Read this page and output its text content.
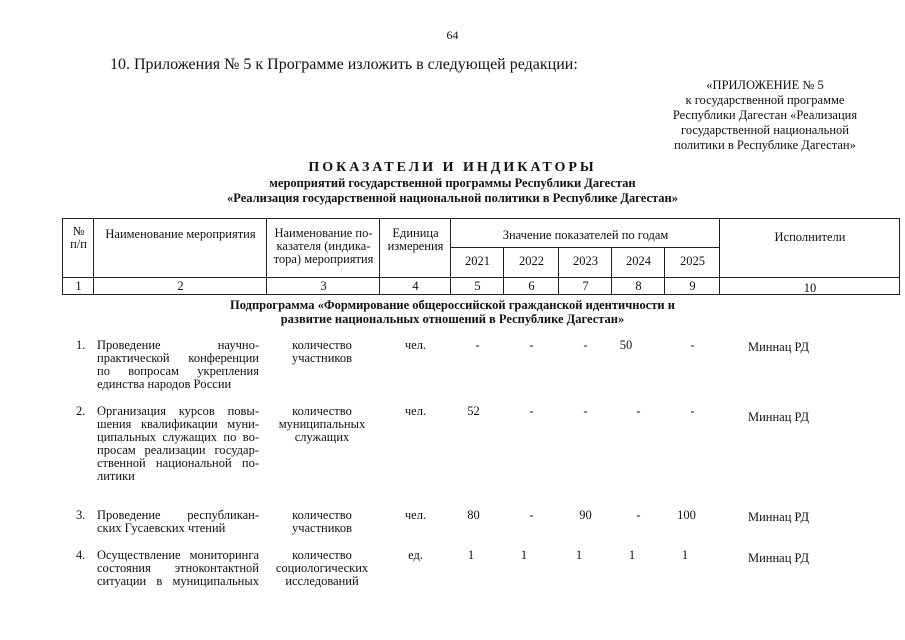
64
10. Приложения № 5 к Программе изложить в следующей редакции:
«ПРИЛОЖЕНИЕ № 5
к государственной программе
Республики Дагестан «Реализация
государственной национальной
политики в Республике Дагестан»
ПОКАЗАТЕЛИ И ИНДИКАТОРЫ
мероприятий государственной программы Республики Дагестан
«Реализация государственной национальной политики в Республике Дагестан»
№ п/п
Наименование мероприятия	Наименование по-
казателя (индика-
тора) мероприятия
Единица
измерения
Значение показателей по годам
2021	2022	2023	2024	2025
Исполнители
1	2	3	4	5	6	7	8	9	10
Подпрограмма «Формирование общероссийской гражданской идентичности и
развитие национальных отношений в Республике Дагестан»
1. Проведение научно-
практической конференции
по вопросам укрепления
единства народов России
количество
участников
чел.	-	-	-	50	-	Миннац РД
2. Организация курсов повы-
шения квалификации муни-
ципальных служащих по во-
просам реализации государ-
ственной национальной по-
литики
количество
муниципальных
служащих
чел.	52	-	-	-	-	Миннац РД
3. Проведение республикан-
ских Гусаевских чтений
количество
участников
чел.	80	-	90	-	100	Миннац РД
4. Осуществление мониторинга
состояния этноконтактной
ситуации в муниципальных
количество
социологических
исследований
ед.	1	1	1	1	1	Миннац РД
